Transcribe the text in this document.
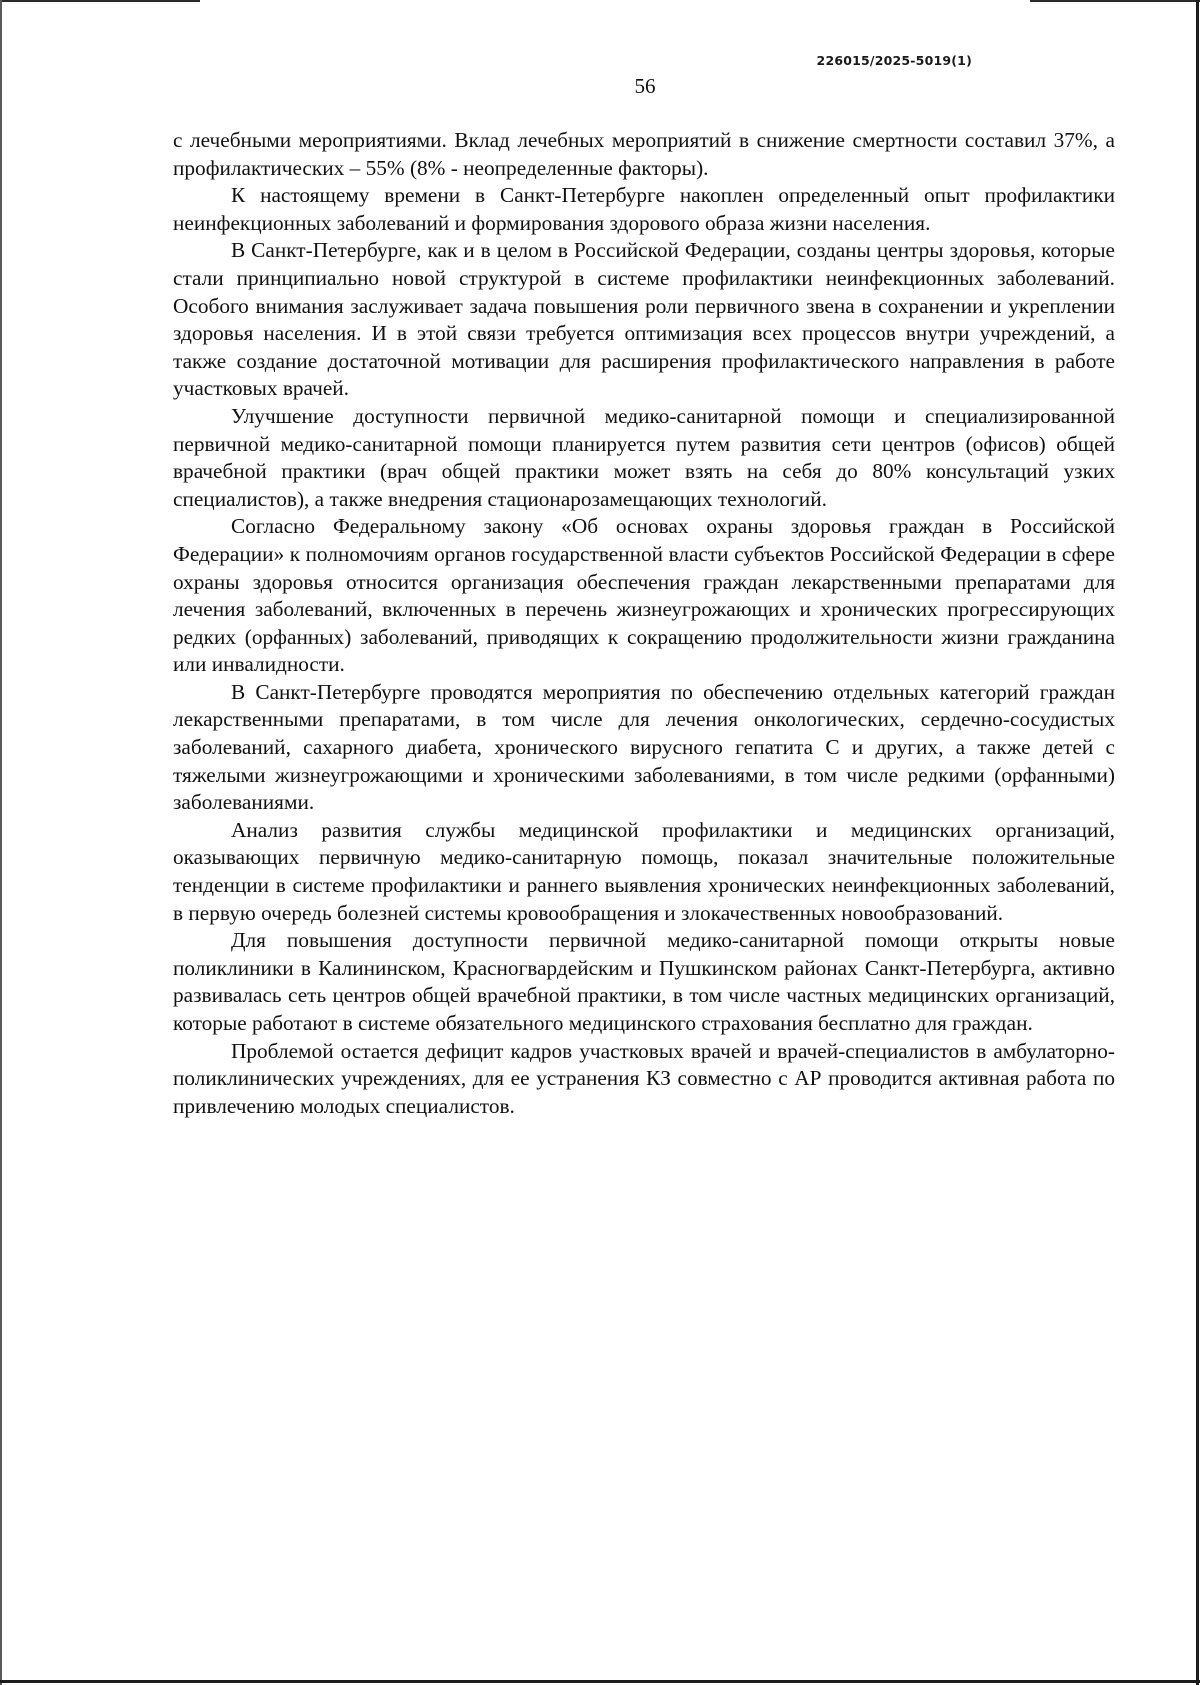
226015/2025-5019(1)
56

с лечебными мероприятиями. Вклад лечебных мероприятий в снижение смертности составил 37%, а профилактических – 55% (8% - неопределенные факторы).

К настоящему времени в Санкт-Петербурге накоплен определенный опыт профилактики неинфекционных заболеваний и формирования здорового образа жизни населения.

В Санкт-Петербурге, как и в целом в Российской Федерации, созданы центры здоровья, которые стали принципиально новой структурой в системе профилактики неинфекционных заболеваний. Особого внимания заслуживает задача повышения роли первичного звена в сохранении и укреплении здоровья населения. И в этой связи требуется оптимизация всех процессов внутри учреждений, а также создание достаточной мотивации для расширения профилактического направления в работе участковых врачей.

Улучшение доступности первичной медико-санитарной помощи и специализированной первичной медико-санитарной помощи планируется путем развития сети центров (офисов) общей врачебной практики (врач общей практики может взять на себя до 80% консультаций узких специалистов), а также внедрения стационарозамещающих технологий.

Согласно Федеральному закону «Об основах охраны здоровья граждан в Российской Федерации» к полномочиям органов государственной власти субъектов Российской Федерации в сфере охраны здоровья относится организация обеспечения граждан лекарственными препаратами для лечения заболеваний, включенных в перечень жизнеугрожающих и хронических прогрессирующих редких (орфанных) заболеваний, приводящих к сокращению продолжительности жизни гражданина или инвалидности.

В Санкт-Петербурге проводятся мероприятия по обеспечению отдельных категорий граждан лекарственными препаратами, в том числе для лечения онкологических, сердечно-сосудистых заболеваний, сахарного диабета, хронического вирусного гепатита С и других, а также детей с тяжелыми жизнеугрожающими и хроническими заболеваниями, в том числе редкими (орфанными) заболеваниями.

Анализ развития службы медицинской профилактики и медицинских организаций, оказывающих первичную медико-санитарную помощь, показал значительные положительные тенденции в системе профилактики и раннего выявления хронических неинфекционных заболеваний, в первую очередь болезней системы кровообращения и злокачественных новообразований.

Для повышения доступности первичной медико-санитарной помощи открыты новые поликлиники в Калининском, Красногвардейским и Пушкинском районах Санкт-Петербурга, активно развивалась сеть центров общей врачебной практики, в том числе частных медицинских организаций, которые работают в системе обязательного медицинского страхования бесплатно для граждан.

Проблемой остается дефицит кадров участковых врачей и врачей-специалистов в амбулаторно-поликлинических учреждениях, для ее устранения КЗ совместно с АР проводится активная работа по привлечению молодых специалистов.
